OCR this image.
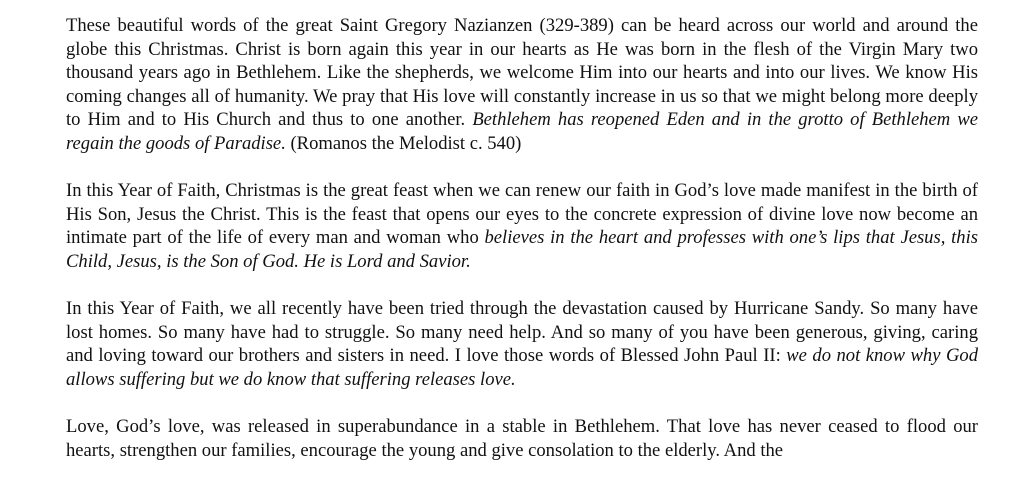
These beautiful words of the great Saint Gregory Nazianzen (329-389) can be heard across our world and around the globe this Christmas. Christ is born again this year in our hearts as He was born in the flesh of the Virgin Mary two thousand years ago in Bethlehem. Like the shepherds, we welcome Him into our hearts and into our lives. We know His coming changes all of humanity. We pray that His love will constantly increase in us so that we might belong more deeply to Him and to His Church and thus to one another. Bethlehem has reopened Eden and in the grotto of Bethlehem we regain the goods of Paradise. (Romanos the Melodist c. 540)

In this Year of Faith, Christmas is the great feast when we can renew our faith in God’s love made manifest in the birth of His Son, Jesus the Christ. This is the feast that opens our eyes to the concrete expression of divine love now become an intimate part of the life of every man and woman who believes in the heart and professes with one’s lips that Jesus, this Child, Jesus, is the Son of God. He is Lord and Savior.

In this Year of Faith, we all recently have been tried through the devastation caused by Hurricane Sandy. So many have lost homes. So many have had to struggle. So many need help. And so many of you have been generous, giving, caring and loving toward our brothers and sisters in need. I love those words of Blessed John Paul II: we do not know why God allows suffering but we do know that suffering releases love.

Love, God’s love, was released in superabundance in a stable in Bethlehem. That love has never ceased to flood our hearts, strengthen our families, encourage the young and give consolation to the elderly. And the
